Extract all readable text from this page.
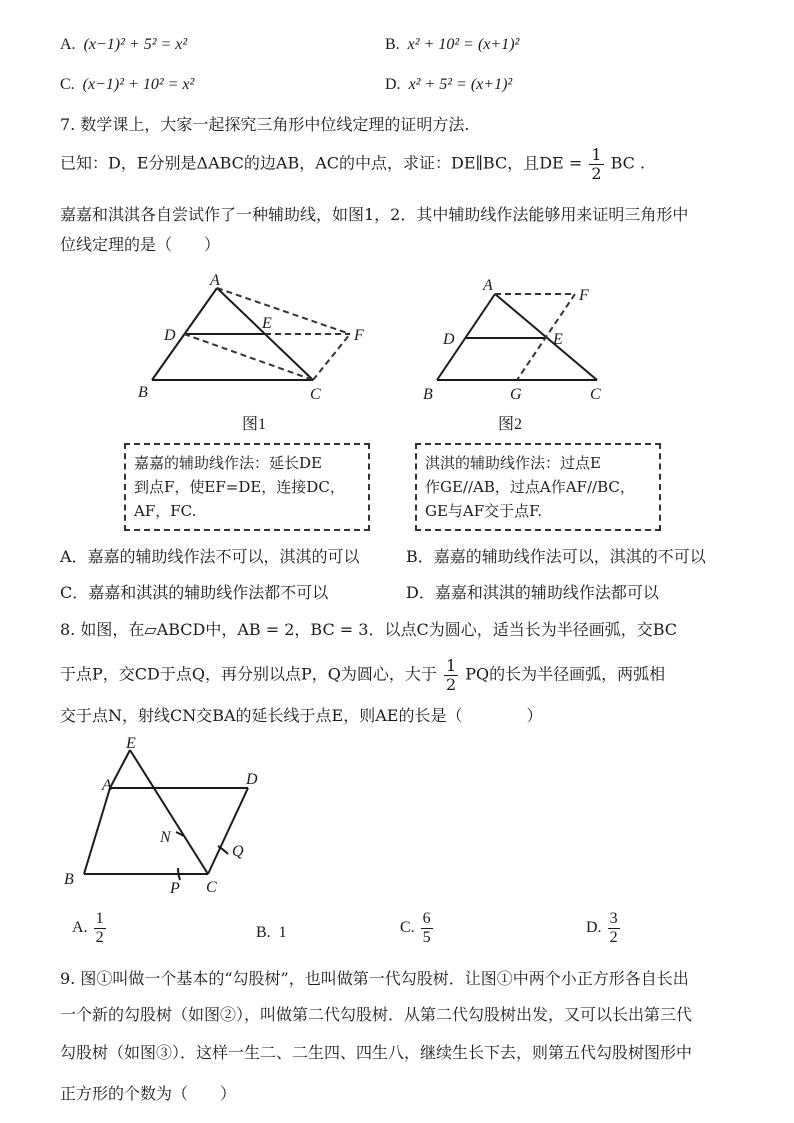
A. (x−1)² + 5² = x²	B. x² + 10² = (x+1)²
C. (x−1)² + 10² = x²	D. x² + 5² = (x+1)²
7. 数学课上，大家一起探究三角形中位线定理的证明方法.
已知：D，E分别是ΔABC的边AB，AC的中点，求证：DE∥BC，且DE = $\frac{1}{2}$ BC .
嘉嘉和淇淇各自尝试作了一种辅助线，如图1，2．其中辅助线作法能够用来证明三角形中
位线定理的是（　　）
A
B	C
D
E
F
图1
A
B	C
D	E
F
G
图2
嘉嘉的辅助线作法：延长DE
到点F，使EF=DE，连接DC，
AF，FC.
淇淇的辅助线作法：过点E
作GE//AB，过点A作AF//BC，
GE与AF交于点F.
A．嘉嘉的辅助线作法不可以，淇淇的可以	B．嘉嘉的辅助线作法可以，淇淇的不可以
C．嘉嘉和淇淇的辅助线作法都不可以	D．嘉嘉和淇淇的辅助线作法都可以
8. 如图，在▱ABCD中，AB = 2，BC = 3．以点C为圆心，适当长为半径画弧，交BC
于点P，交CD于点Q，再分别以点P，Q为圆心，大于 $\frac{1}{2}$ PQ的长为半径画弧，两弧相
交于点N，射线CN交BA的延长线于点E，则AE的长是（　　　　）
E
A	D
N
Q
B
P C
A. $\frac{1}{2}$	B. 1	C. $\frac{6}{5}$	D. $\frac{3}{2}$
9. 图①叫做一个基本的“勾股树”，也叫做第一代勾股树．让图①中两个小正方形各自长出
一个新的勾股树（如图②），叫做第二代勾股树．从第二代勾股树出发，又可以长出第三代
勾股树（如图③）．这样一生二、二生四、四生八，继续生长下去，则第五代勾股树图形中
正方形的个数为（　　）
